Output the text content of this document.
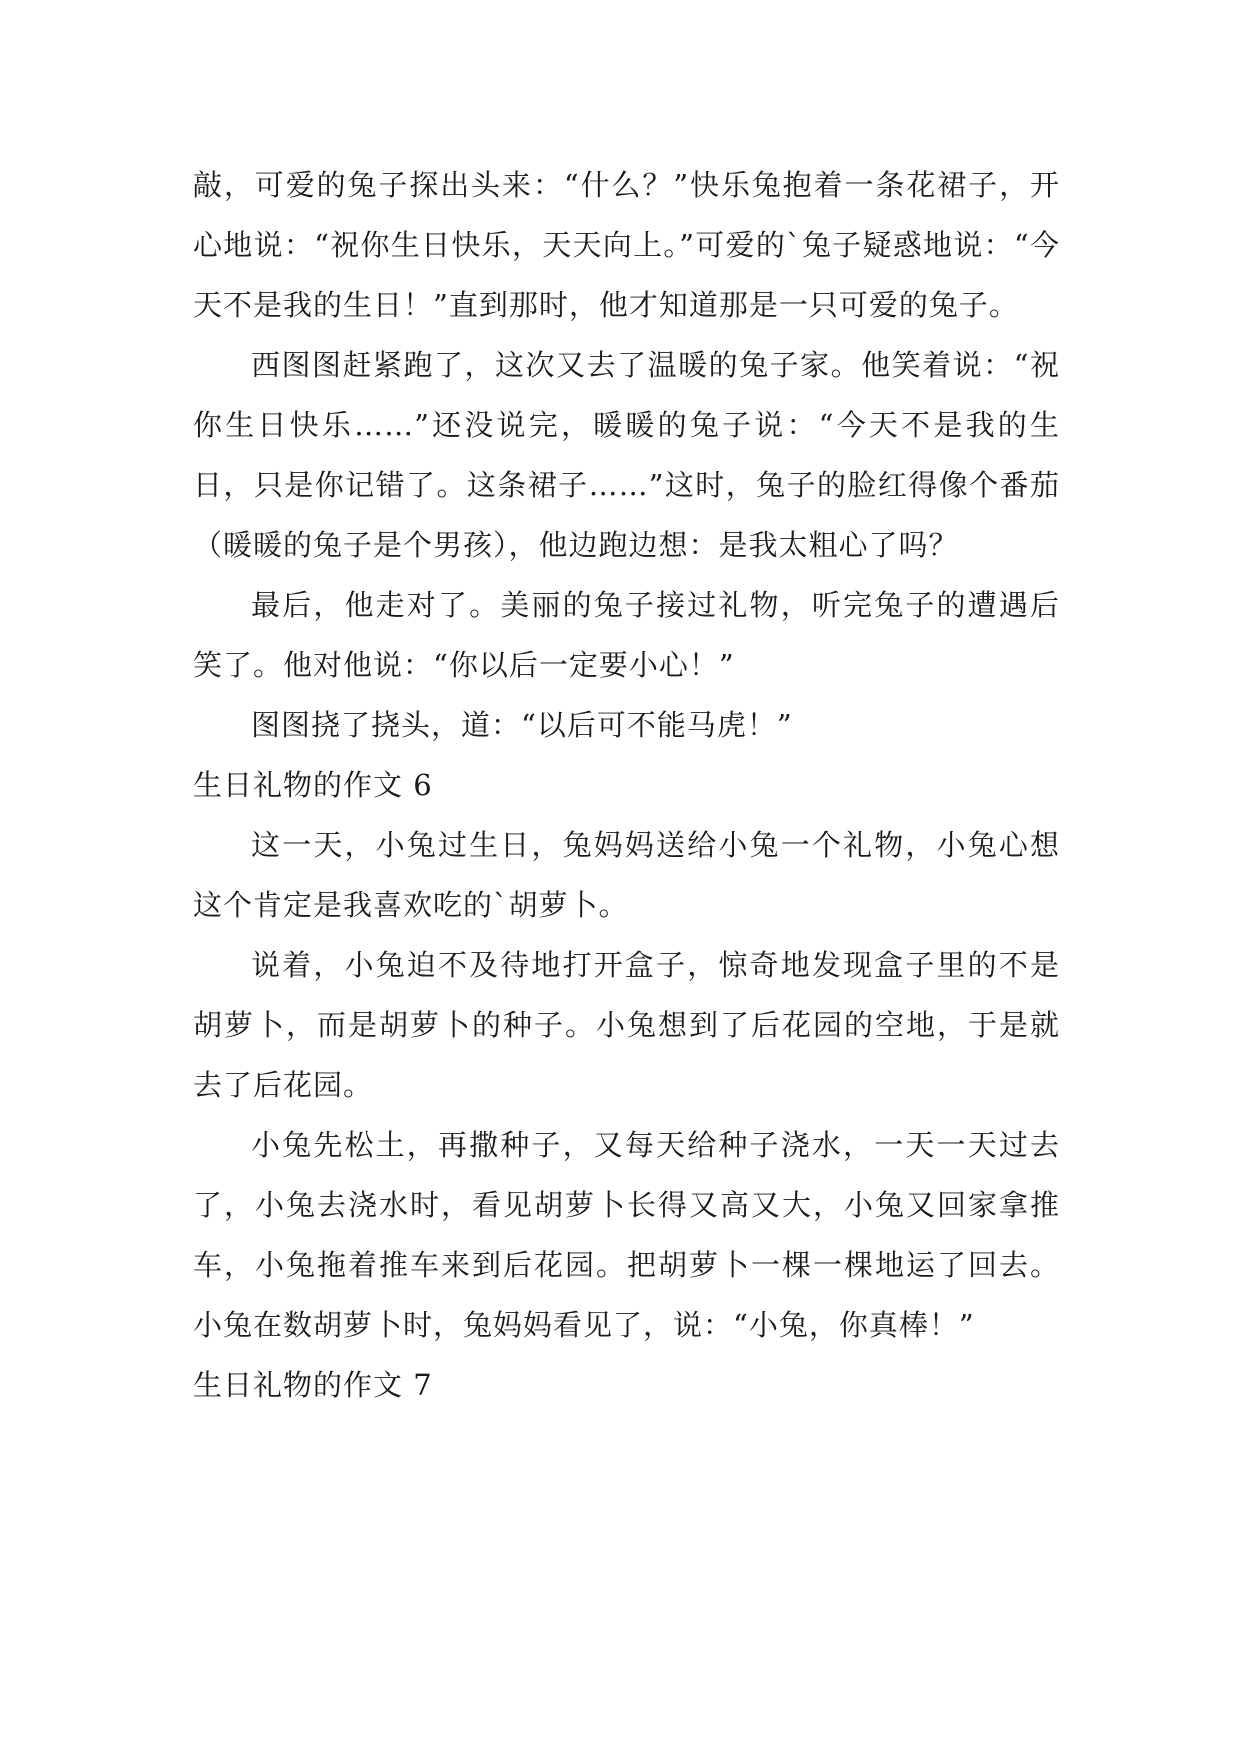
敲，可爱的兔子探出头来：“什么？”快乐兔抱着一条花裙子，开心地说：“祝你生日快乐，天天向上。”可爱的`兔子疑惑地说：“今天不是我的生日！”直到那时，他才知道那是一只可爱的兔子。

西图图赶紧跑了，这次又去了温暖的兔子家。他笑着说：“祝你生日快乐……”还没说完，暖暖的兔子说：“今天不是我的生日，只是你记错了。这条裙子……”这时，兔子的脸红得像个番茄（暖暖的兔子是个男孩），他边跑边想：是我太粗心了吗？

最后，他走对了。美丽的兔子接过礼物，听完兔子的遭遇后笑了。他对他说：“你以后一定要小心！”

图图挠了挠头，道：“以后可不能马虎！”

生日礼物的作文 6

这一天，小兔过生日，兔妈妈送给小兔一个礼物，小兔心想这个肯定是我喜欢吃的`胡萝卜。

说着，小兔迫不及待地打开盒子，惊奇地发现盒子里的不是胡萝卜，而是胡萝卜的种子。小兔想到了后花园的空地，于是就去了后花园。

小兔先松土，再撒种子，又每天给种子浇水，一天一天过去了，小兔去浇水时，看见胡萝卜长得又高又大，小兔又回家拿推车，小兔拖着推车来到后花园。把胡萝卜一棵一棵地运了回去。小兔在数胡萝卜时，兔妈妈看见了，说：“小兔，你真棒！”

生日礼物的作文 7
